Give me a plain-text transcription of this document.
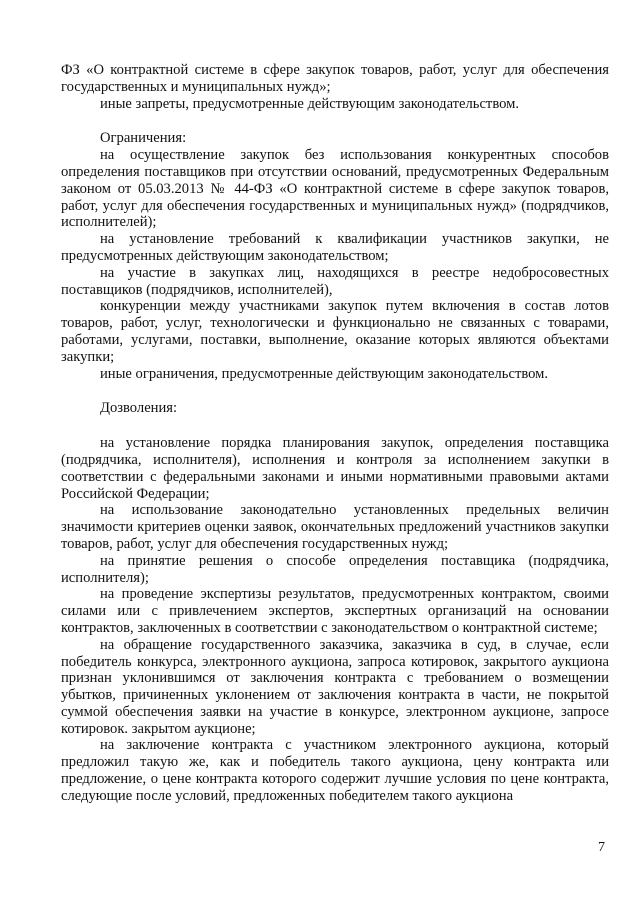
ФЗ «О контрактной системе в сфере закупок товаров, работ, услуг для обеспечения государственных и муниципальных нужд»;

иные запреты, предусмотренные действующим законодательством.

Ограничения:

на осуществление закупок без использования конкурентных способов определения поставщиков при отсутствии оснований, предусмотренных Федеральным законом от 05.03.2013 № 44-ФЗ «О контрактной системе в сфере закупок товаров, работ, услуг для обеспечения государственных и муниципальных нужд» (подрядчиков, исполнителей);

на установление требований к квалификации участников закупки, не предусмотренных действующим законодательством;

на участие в закупках лиц, находящихся в реестре недобросовестных поставщиков (подрядчиков, исполнителей),

конкуренции между участниками закупок путем включения в состав лотов товаров, работ, услуг, технологически и функционально не связанных с товарами, работами, услугами, поставки, выполнение, оказание которых являются объектами закупки;

иные ограничения, предусмотренные действующим законодательством.

Дозволения:

на установление порядка планирования закупок, определения поставщика (подрядчика, исполнителя), исполнения и контроля за исполнением закупки в соответствии с федеральными законами и иными нормативными правовыми актами Российской Федерации;

на использование законодательно установленных предельных величин значимости критериев оценки заявок, окончательных предложений участников закупки товаров, работ, услуг для обеспечения государственных нужд;

на принятие решения о способе определения поставщика (подрядчика, исполнителя);

на проведение экспертизы результатов, предусмотренных контрактом, своими силами или с привлечением экспертов, экспертных организаций на основании контрактов, заключенных в соответствии с законодательством о контрактной системе;

на обращение государственного заказчика, заказчика в суд, в случае, если победитель конкурса, электронного аукциона, запроса котировок, закрытого аукциона признан уклонившимся от заключения контракта с требованием о возмещении убытков, причиненных уклонением от заключения контракта в части, не покрытой суммой обеспечения заявки на участие в конкурсе, электронном аукционе, запросе котировок. закрытом аукционе;

на заключение контракта с участником электронного аукциона, который предложил такую же, как и победитель такого аукциона, цену контракта или предложение, о цене контракта которого содержит лучшие условия по цене контракта, следующие после условий, предложенных победителем такого аукциона

7
